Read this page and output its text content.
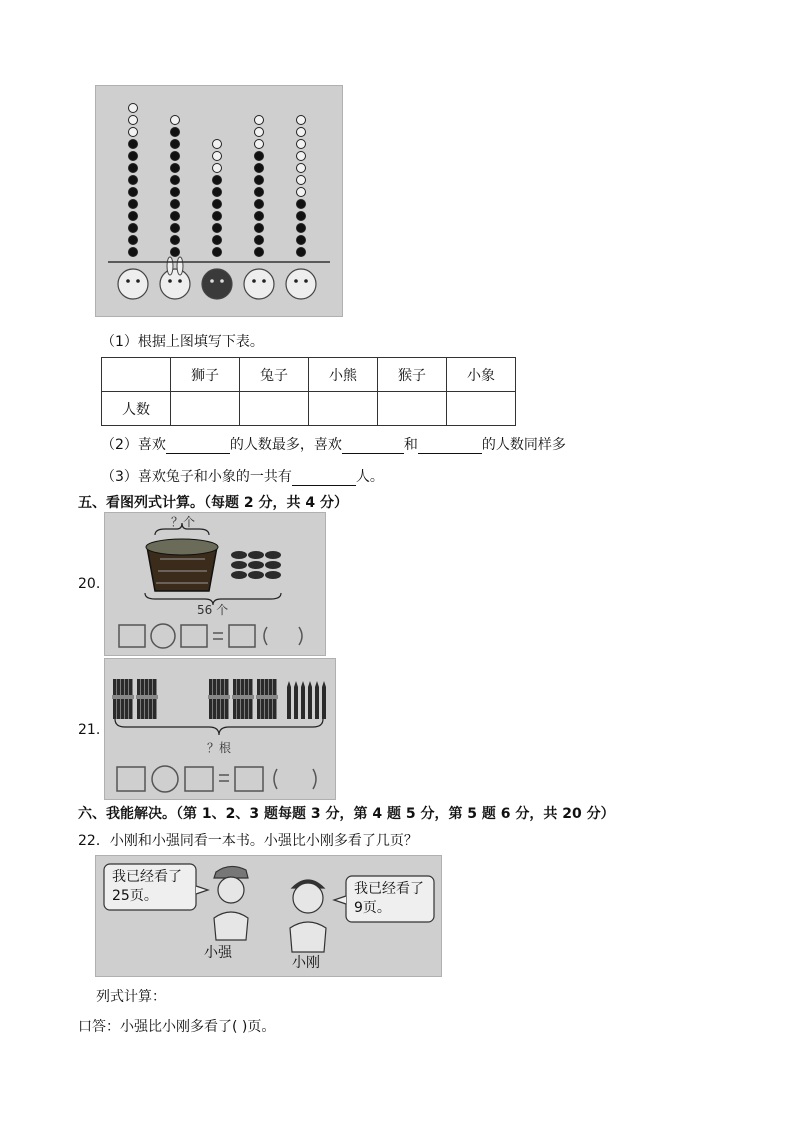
（1）根据上图填写下表。
	狮子	兔子	小熊	猴子	小象
人数					
（2）喜欢	的人数最多，喜欢	和	的人数同样多
（3）喜欢兔子和小象的一共有	人。
五、看图列式计算。（每题 2 分，共 4 分）
20.
？个
56 个
21.
？根
六、我能解决。（第 1、2、3 题每题 3 分，第 4 题 5 分，第 5 题 6 分，共 20 分）
22．小刚和小强同看一本书。小强比小刚多看了几页？
我已经看了25页。	我已经看了9页。
小强
小刚
列式计算：
口答：小强比小刚多看了( )页。
